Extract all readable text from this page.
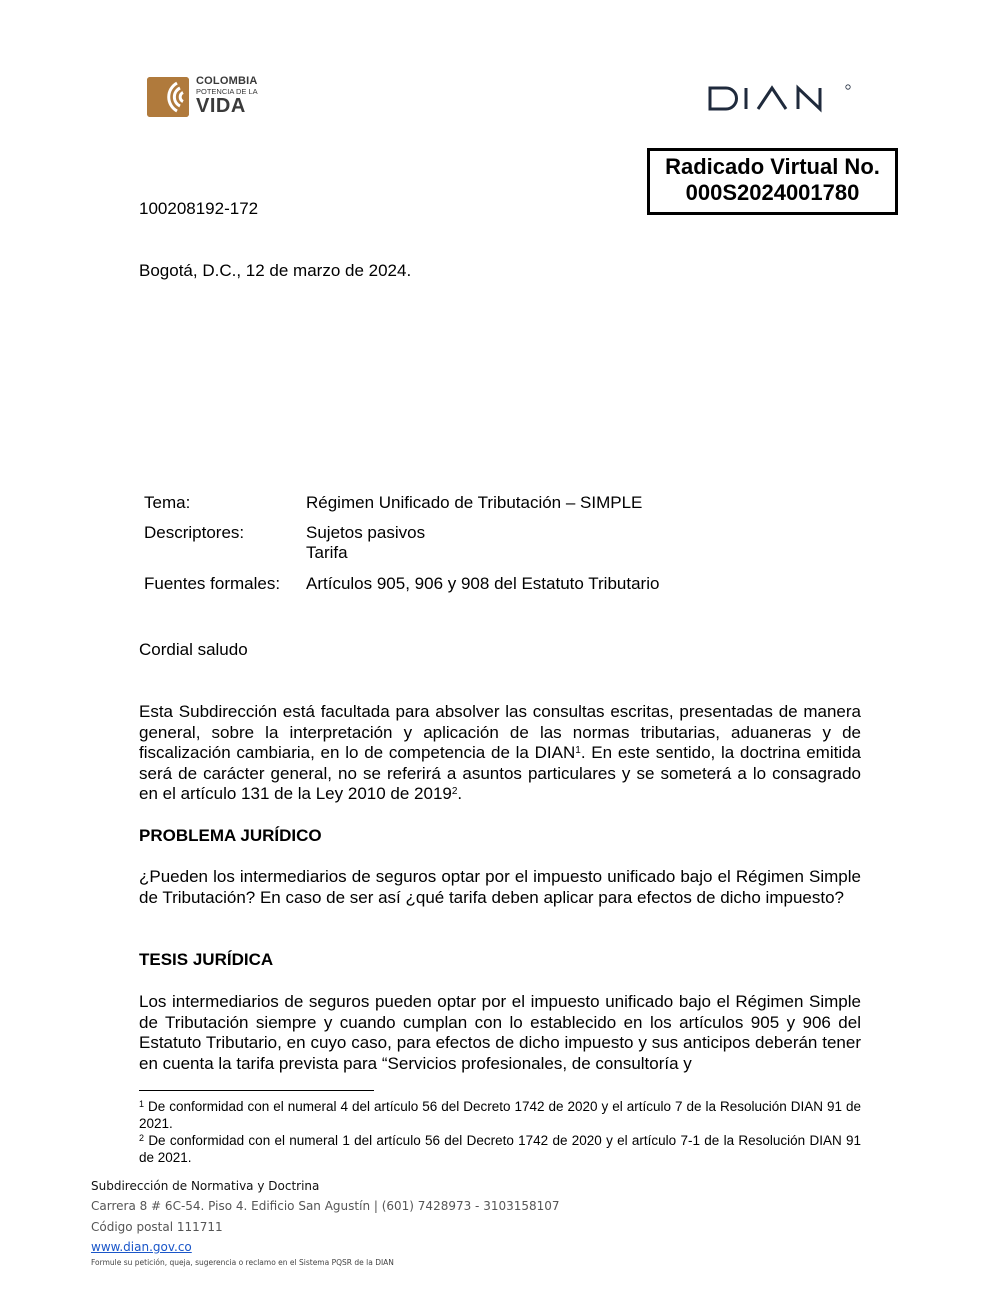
COLOMBIA
POTENCIA DE LA
VIDA
Radicado Virtual No.
000S2024001780
100208192-172
Bogotá, D.C., 12 de marzo de 2024.
Tema:	Régimen Unificado de Tributación – SIMPLE
Descriptores:	Sujetos pasivos
Tarifa
Fuentes formales: Artículos 905, 906 y 908 del Estatuto Tributario
Cordial saludo

Esta Subdirección está facultada para absolver las consultas escritas, presentadas de manera general, sobre la interpretación y aplicación de las normas tributarias, aduaneras y de fiscalización cambiaria, en lo de competencia de la DIAN$^1$. En este sentido, la doctrina emitida será de carácter general, no se referirá a asuntos particulares y se someterá a lo consagrado en el artículo 131 de la Ley 2010 de 2019$^2$.

PROBLEMA JURÍDICO
¿Pueden los intermediarios de seguros optar por el impuesto unificado bajo el Régimen Simple de Tributación? En caso de ser así ¿qué tarifa deben aplicar para efectos de dicho impuesto?
TESIS JURÍDICA
Los intermediarios de seguros pueden optar por el impuesto unificado bajo el Régimen Simple de Tributación siempre y cuando cumplan con lo establecido en los artículos 905 y 906 del Estatuto Tributario, en cuyo caso, para efectos de dicho impuesto y sus anticipos deberán tener en cuenta la tarifa prevista para “Servicios profesionales, de consultoría y
$^1$ De conformidad con el numeral 4 del artículo 56 del Decreto 1742 de 2020 y el artículo 7 de la Resolución DIAN 91 de 2021.
$^2$ De conformidad con el numeral 1 del artículo 56 del Decreto 1742 de 2020 y el artículo 7-1 de la Resolución DIAN 91 de 2021.
Subdirección de Normativa y Doctrina
Carrera 8 # 6C-54. Piso 4. Edificio San Agustín | (601) 7428973 - 3103158107
Código postal 111711
www.dian.gov.co
Formule su petición, queja, sugerencia o reclamo en el Sistema PQSR de la DIAN
